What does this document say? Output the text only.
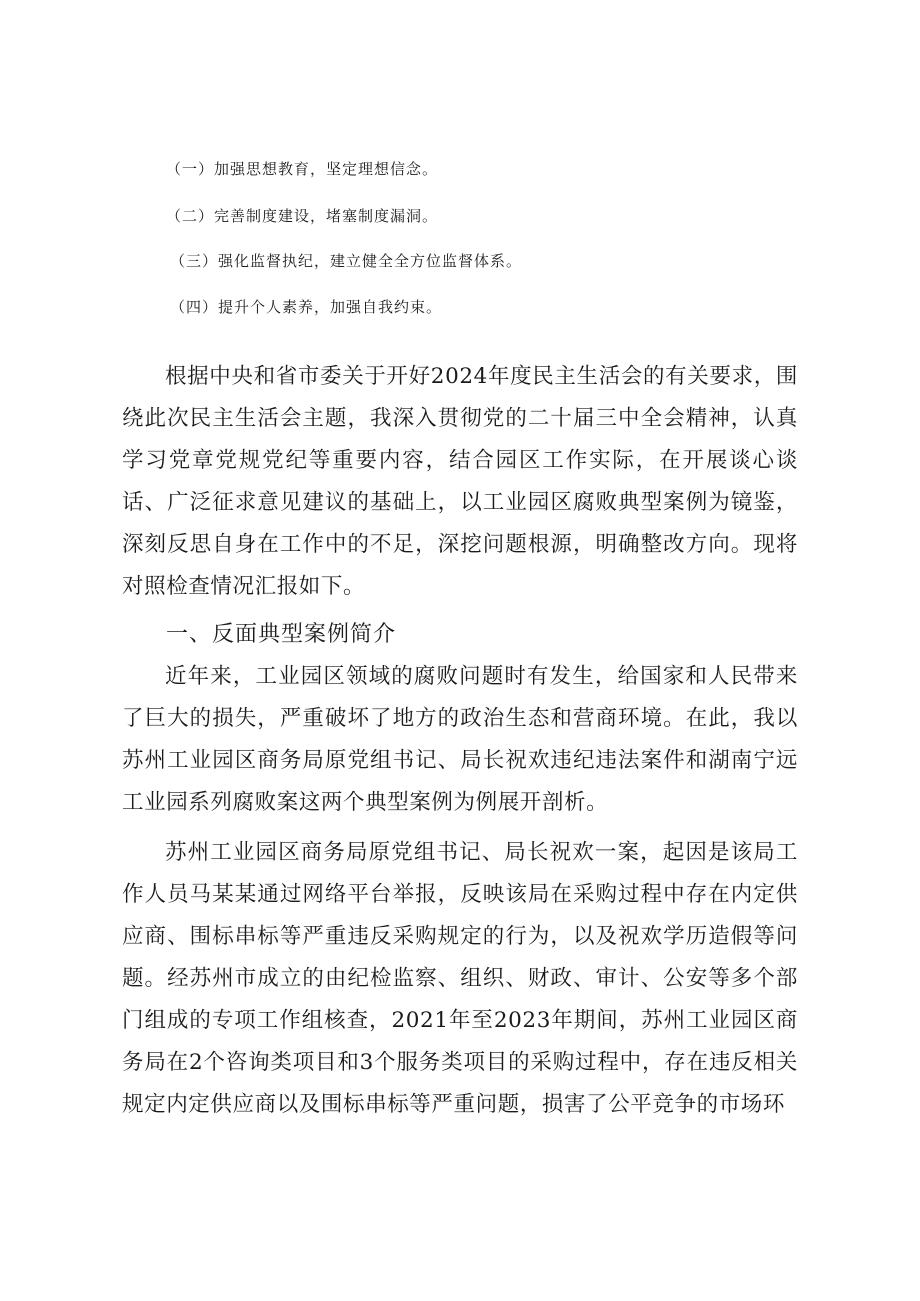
（一）加强思想教育，坚定理想信念。
（二）完善制度建设，堵塞制度漏洞。
（三）强化监督执纪，建立健全全方位监督体系。
（四）提升个人素养，加强自我约束。

根据中央和省市委关于开好2024年度民主生活会的有关要求，围绕此次民主生活会主题，我深入贯彻党的二十届三中全会精神，认真学习党章党规党纪等重要内容，结合园区工作实际，在开展谈心谈话、广泛征求意见建议的基础上，以工业园区腐败典型案例为镜鉴，深刻反思自身在工作中的不足，深挖问题根源，明确整改方向。现将对照检查情况汇报如下。

一、反面典型案例简介

近年来，工业园区领域的腐败问题时有发生，给国家和人民带来了巨大的损失，严重破坏了地方的政治生态和营商环境。在此，我以苏州工业园区商务局原党组书记、局长祝欢违纪违法案件和湖南宁远工业园系列腐败案这两个典型案例为例展开剖析。

苏州工业园区商务局原党组书记、局长祝欢一案，起因是该局工作人员马某某通过网络平台举报，反映该局在采购过程中存在内定供应商、围标串标等严重违反采购规定的行为，以及祝欢学历造假等问题。经苏州市成立的由纪检监察、组织、财政、审计、公安等多个部门组成的专项工作组核查，2021年至2023年期间，苏州工业园区商务局在2个咨询类项目和3个服务类项目的采购过程中，存在违反相关规定内定供应商以及围标串标等严重问题，损害了公平竞争的市场环
